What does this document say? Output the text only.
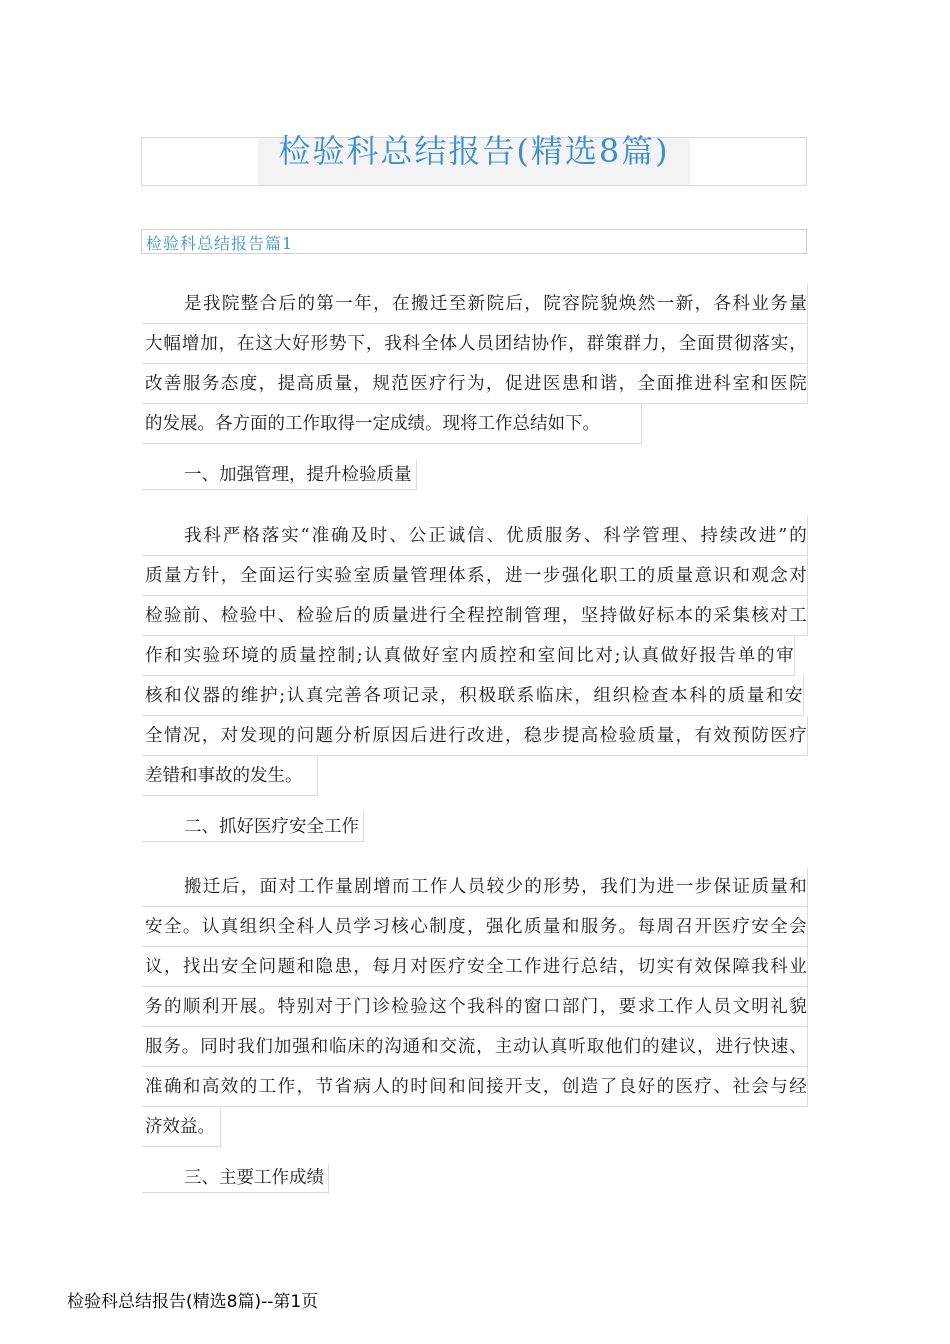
检验科总结报告(精选8篇)
检验科总结报告篇1
是我院整合后的第一年，在搬迁至新院后，院容院貌焕然一新，各科业务量
大幅增加，在这大好形势下，我科全体人员团结协作，群策群力，全面贯彻落实，
改善服务态度，提高质量，规范医疗行为，促进医患和谐，全面推进科室和医院
的发展。各方面的工作取得一定成绩。现将工作总结如下。
一、加强管理，提升检验质量
我科严格落实“准确及时、公正诚信、优质服务、科学管理、持续改进”的
质量方针，全面运行实验室质量管理体系，进一步强化职工的质量意识和观念对
检验前、检验中、检验后的质量进行全程控制管理，坚持做好标本的采集核对工
作和实验环境的质量控制;认真做好室内质控和室间比对;认真做好报告单的审
核和仪器的维护;认真完善各项记录，积极联系临床，组织检查本科的质量和安
全情况，对发现的问题分析原因后进行改进，稳步提高检验质量，有效预防医疗
差错和事故的发生。
二、抓好医疗安全工作
搬迁后，面对工作量剧增而工作人员较少的形势，我们为进一步保证质量和
安全。认真组织全科人员学习核心制度，强化质量和服务。每周召开医疗安全会
议，找出安全问题和隐患，每月对医疗安全工作进行总结，切实有效保障我科业
务的顺利开展。特别对于门诊检验这个我科的窗口部门，要求工作人员文明礼貌
服务。同时我们加强和临床的沟通和交流，主动认真听取他们的建议，进行快速、
准确和高效的工作，节省病人的时间和间接开支，创造了良好的医疗、社会与经
济效益。
三、主要工作成绩
检验科总结报告(精选8篇)--第1页
